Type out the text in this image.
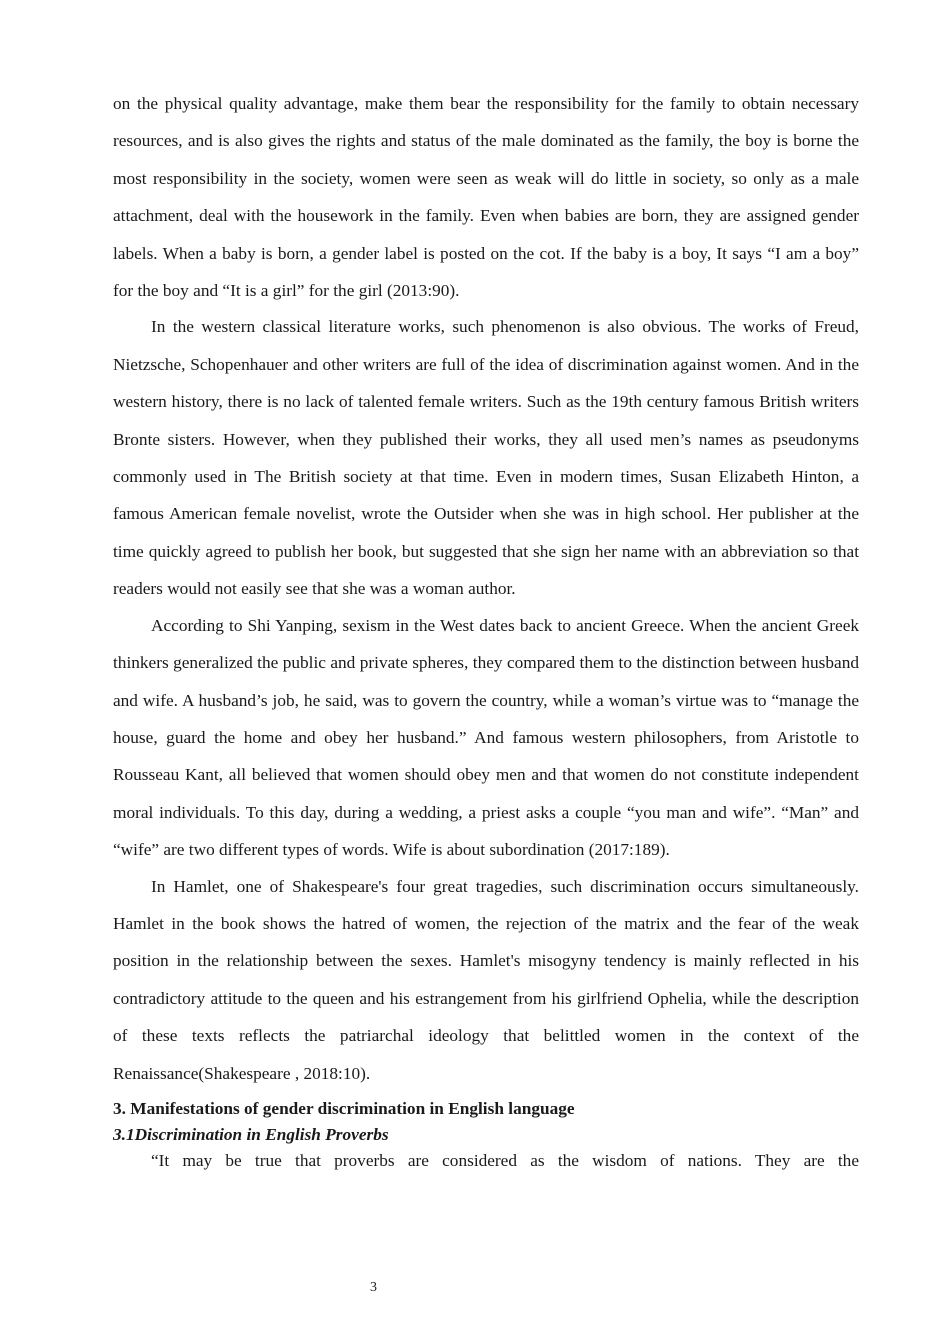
on the physical quality advantage, make them bear the responsibility for the family to obtain necessary resources, and is also gives the rights and status of the male dominated as the family, the boy is borne the most responsibility in the society, women were seen as weak will do little in society, so only as a male attachment, deal with the housework in the family. Even when babies are born, they are assigned gender labels. When a baby is born, a gender label is posted on the cot. If the baby is a boy, It says “I am a boy” for the boy and “It is a girl” for the girl (2013:90).

In the western classical literature works, such phenomenon is also obvious. The works of Freud, Nietzsche, Schopenhauer and other writers are full of the idea of discrimination against women. And in the western history, there is no lack of talented female writers. Such as the 19th century famous British writers Bronte sisters. However, when they published their works, they all used men’s names as pseudonyms commonly used in The British society at that time. Even in modern times, Susan Elizabeth Hinton, a famous American female novelist, wrote the Outsider when she was in high school. Her publisher at the time quickly agreed to publish her book, but suggested that she sign her name with an abbreviation so that readers would not easily see that she was a woman author.

According to Shi Yanping, sexism in the West dates back to ancient Greece. When the ancient Greek thinkers generalized the public and private spheres, they compared them to the distinction between husband and wife. A husband’s job, he said, was to govern the country, while a woman’s virtue was to “manage the house, guard the home and obey her husband.” And famous western philosophers, from Aristotle to Rousseau Kant, all believed that women should obey men and that women do not constitute independent moral individuals. To this day, during a wedding, a priest asks a couple “you man and wife”. “Man” and “wife” are two different types of words. Wife is about subordination (2017:189).

In Hamlet, one of Shakespeare's four great tragedies, such discrimination occurs simultaneously. Hamlet in the book shows the hatred of women, the rejection of the matrix and the fear of the weak position in the relationship between the sexes. Hamlet's misogyny tendency is mainly reflected in his contradictory attitude to the queen and his estrangement from his girlfriend Ophelia, while the description of these texts reflects the patriarchal ideology that belittled women in the context of the Renaissance(Shakespeare , 2018:10).

3. Manifestations of gender discrimination in English language
3.1Discrimination in English Proverbs

“It may be true that proverbs are considered as the wisdom of nations. They are the

3
